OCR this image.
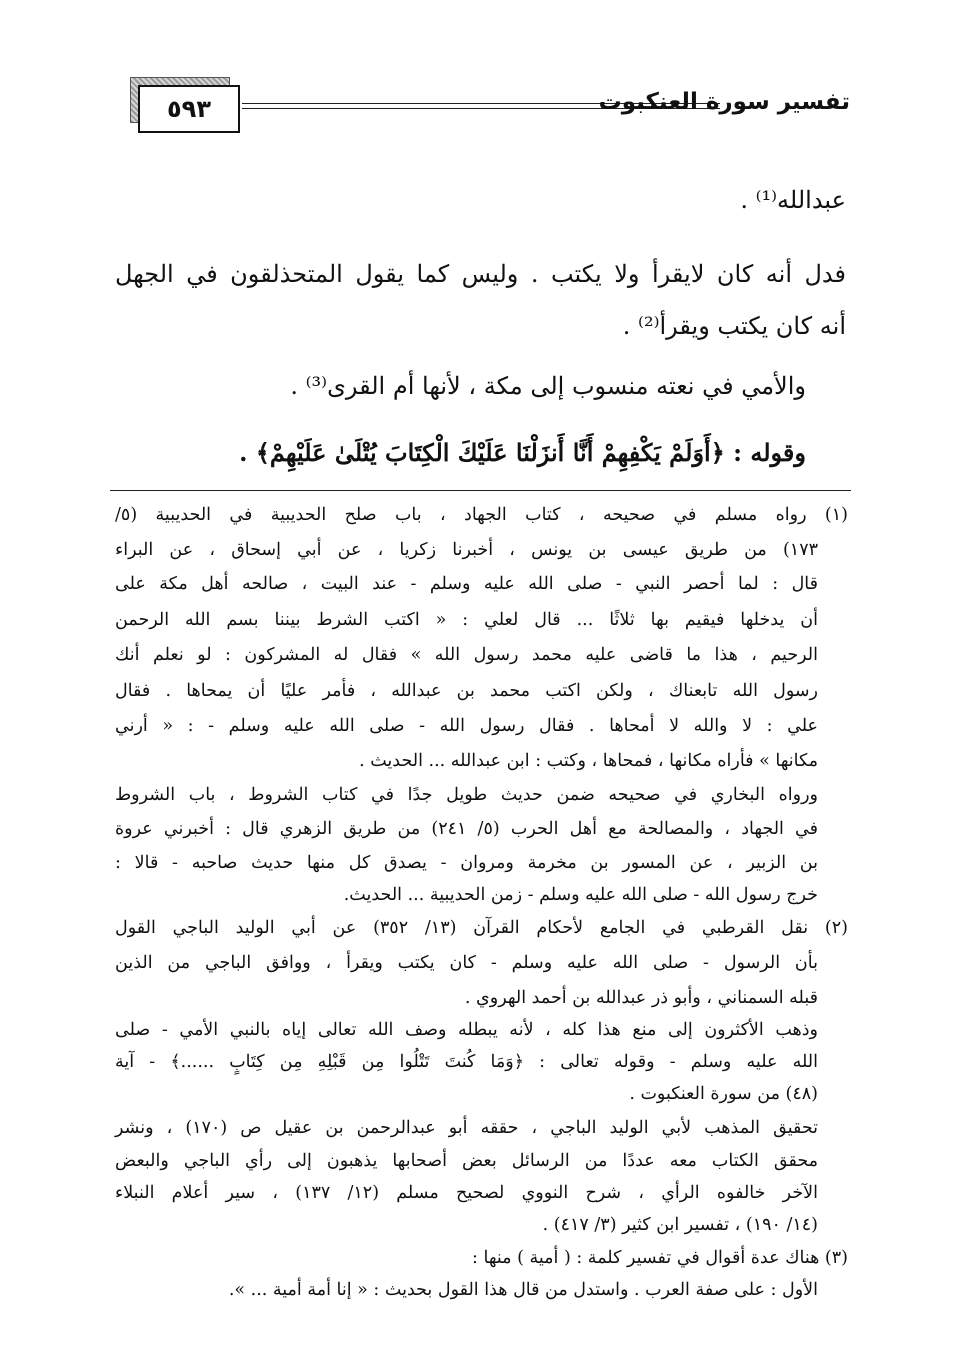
٥٩٣	تفسير سورة العنكبوت
عبدالله⁽¹⁾ .
فدل أنه كان لايقرأ ولا يكتب . وليس كما يقول المتحذلقون في الجهل
أنه كان يكتب ويقرأ⁽²⁾ .
والأمي في نعته منسوب إلى مكة ، لأنها أم القرى⁽³⁾ .
وقوله : ﴿أَوَلَمْ يَكْفِهِمْ أَنَّا أَنزَلْنَا عَلَيْكَ الْكِتَابَ يُتْلَىٰ عَلَيْهِمْ﴾ .
(١) رواه مسلم في صحيحه ، كتاب الجهاد ، باب صلح الحديبية في الحديبية (٥/
١٧٣) من طريق عيسى بن يونس ، أخبرنا زكريا ، عن أبي إسحاق ، عن البراء
قال : لما أحصر النبي - صلى الله عليه وسلم - عند البيت ، صالحه أهل مكة على
أن يدخلها فيقيم بها ثلاثًا ... قال لعلي : « اكتب الشرط بيننا بسم الله الرحمن
الرحيم ، هذا ما قاضى عليه محمد رسول الله » فقال له المشركون : لو نعلم أنك
رسول الله تابعناك ، ولكن اكتب محمد بن عبدالله ، فأمر عليًا أن يمحاها . فقال
علي : لا والله لا أمحاها . فقال رسول الله - صلى الله عليه وسلم - : « أرني
مكانها » فأراه مكانها ، فمحاها ، وكتب : ابن عبدالله ... الحديث .
ورواه البخاري في صحيحه ضمن حديث طويل جدًا في كتاب الشروط ، باب الشروط
في الجهاد ، والمصالحة مع أهل الحرب (٥/ ٢٤١) من طريق الزهري قال : أخبرني عروة
بن الزبير ، عن المسور بن مخرمة ومروان - يصدق كل منها حديث صاحبه - قالا :
خرج رسول الله - صلى الله عليه وسلم - زمن الحديبية ... الحديث.
(٢) نقل القرطبي في الجامع لأحكام القرآن (١٣/ ٣٥٢) عن أبي الوليد الباجي القول
بأن الرسول - صلى الله عليه وسلم - كان يكتب ويقرأ ، ووافق الباجي من الذين
قبله السمناني ، وأبو ذر عبدالله بن أحمد الهروي .
وذهب الأكثرون إلى منع هذا كله ، لأنه يبطله وصف الله تعالى إياه بالنبي الأمي - صلى
الله عليه وسلم - وقوله تعالى : ﴿وَمَا كُنتَ تَتْلُوا مِن قَبْلِهِ مِن كِتَابٍ ......﴾ - آية
(٤٨) من سورة العنكبوت .
تحقيق المذهب لأبي الوليد الباجي ، حققه أبو عبدالرحمن بن عقيل ص (١٧٠) ، ونشر
محقق الكتاب معه عددًا من الرسائل بعض أصحابها يذهبون إلى رأي الباجي والبعض
الآخر خالفوه الرأي ، شرح النووي لصحيح مسلم (١٢/ ١٣٧) ، سير أعلام النبلاء
(١٤/ ١٩٠) ، تفسير ابن كثير (٣/ ٤١٧) .
(٣) هناك عدة أقوال في تفسير كلمة : ( أمية ) منها :
الأول : على صفة العرب . واستدل من قال هذا القول بحديث : « إنا أمة أمية ... ».
